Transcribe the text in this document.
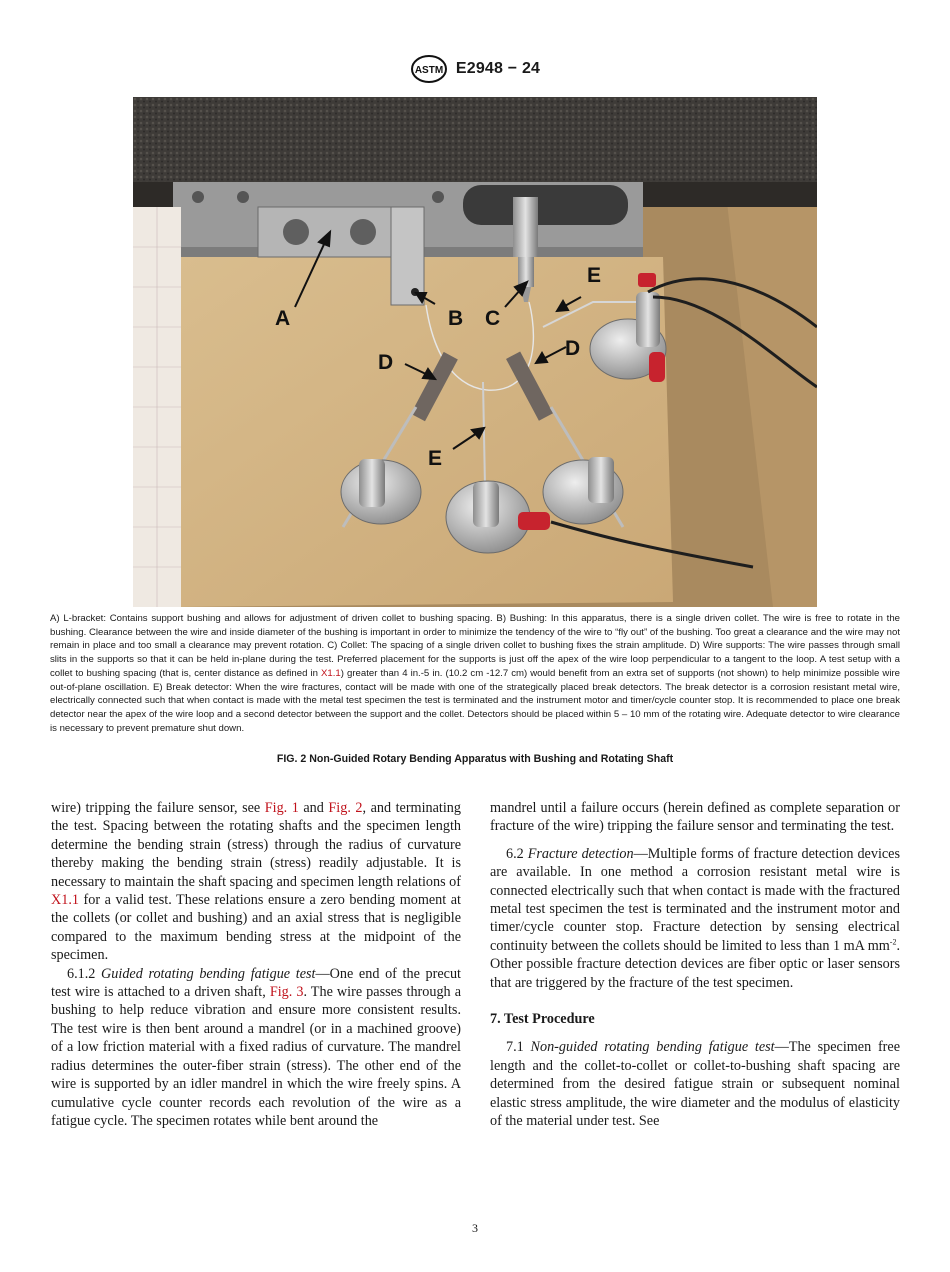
ASTM E2948 − 24
A	B C
E
D
D
E
A) L-bracket: Contains support bushing and allows for adjustment of driven collet to bushing spacing. B) Bushing: In this apparatus, there is a single driven collet. The wire is free to rotate in the bushing. Clearance between the wire and inside diameter of the bushing is important in order to minimize the tendency of the wire to “fly out” of the bushing. Too great a clearance and the wire may not remain in place and too small a clearance may prevent rotation. C) Collet: The spacing of a single driven collet to bushing fixes the strain amplitude. D) Wire supports: The wire passes through small slits in the supports so that it can be held in-plane during the test. Preferred placement for the supports is just off the apex of the wire loop perpendicular to a tangent to the loop. A test setup with a collet to bushing spacing (that is, center distance as defined in X1.1) greater than 4 in.-5 in. (10.2 cm -12.7 cm) would benefit from an extra set of supports (not shown) to help minimize possible wire out-of-plane oscillation. E) Break detector: When the wire fractures, contact will be made with one of the strategically placed break detectors. The break detector is a corrosion resistant metal wire, electrically connected such that when contact is made with the metal test specimen the test is terminated and the instrument motor and timer/cycle counter stop. It is recommended to place one break detector near the apex of the wire loop and a second detector between the support and the collet. Detectors should be placed within 5 – 10 mm of the rotating wire. Adequate detector to wire clearance is necessary to prevent premature shut down.
FIG. 2 Non-Guided Rotary Bending Apparatus with Bushing and Rotating Shaft

wire) tripping the failure sensor, see Fig. 1 and Fig. 2, and terminating the test. Spacing between the rotating shafts and the specimen length determine the bending strain (stress) through the radius of curvature thereby making the bending strain (stress) readily adjustable. It is necessary to maintain the shaft spacing and specimen length relations of X1.1 for a valid test. These relations ensure a zero bending moment at the collets (or collet and bushing) and an axial stress that is negligible compared to the maximum bending stress at the midpoint of the specimen.

6.1.2 Guided rotating bending fatigue test—One end of the precut test wire is attached to a driven shaft, Fig. 3. The wire passes through a bushing to help reduce vibration and ensure more consistent results. The test wire is then bent around a mandrel (or in a machined groove) of a low friction material with a fixed radius of curvature. The mandrel radius determines the outer-fiber strain (stress). The other end of the wire is supported by an idler mandrel in which the wire freely spins. A cumulative cycle counter records each revolution of the wire as a fatigue cycle. The specimen rotates while bent around the

mandrel until a failure occurs (herein defined as complete separation or fracture of the wire) tripping the failure sensor and terminating the test.

6.2 Fracture detection—Multiple forms of fracture detection devices are available. In one method a corrosion resistant metal wire is connected electrically such that when contact is made with the fractured metal test specimen the test is terminated and the instrument motor and timer/cycle counter stop. Fracture detection by sensing electrical continuity between the collets should be limited to less than 1 mA $mm^{-2}$. Other possible fracture detection devices are fiber optic or laser sensors that are triggered by the fracture of the test specimen.

7. Test Procedure

7.1 Non-guided rotating bending fatigue test—The specimen free length and the collet-to-collet or collet-to-bushing shaft spacing are determined from the desired fatigue strain or subsequent nominal elastic stress amplitude, the wire diameter and the modulus of elasticity of the material under test. See

3
